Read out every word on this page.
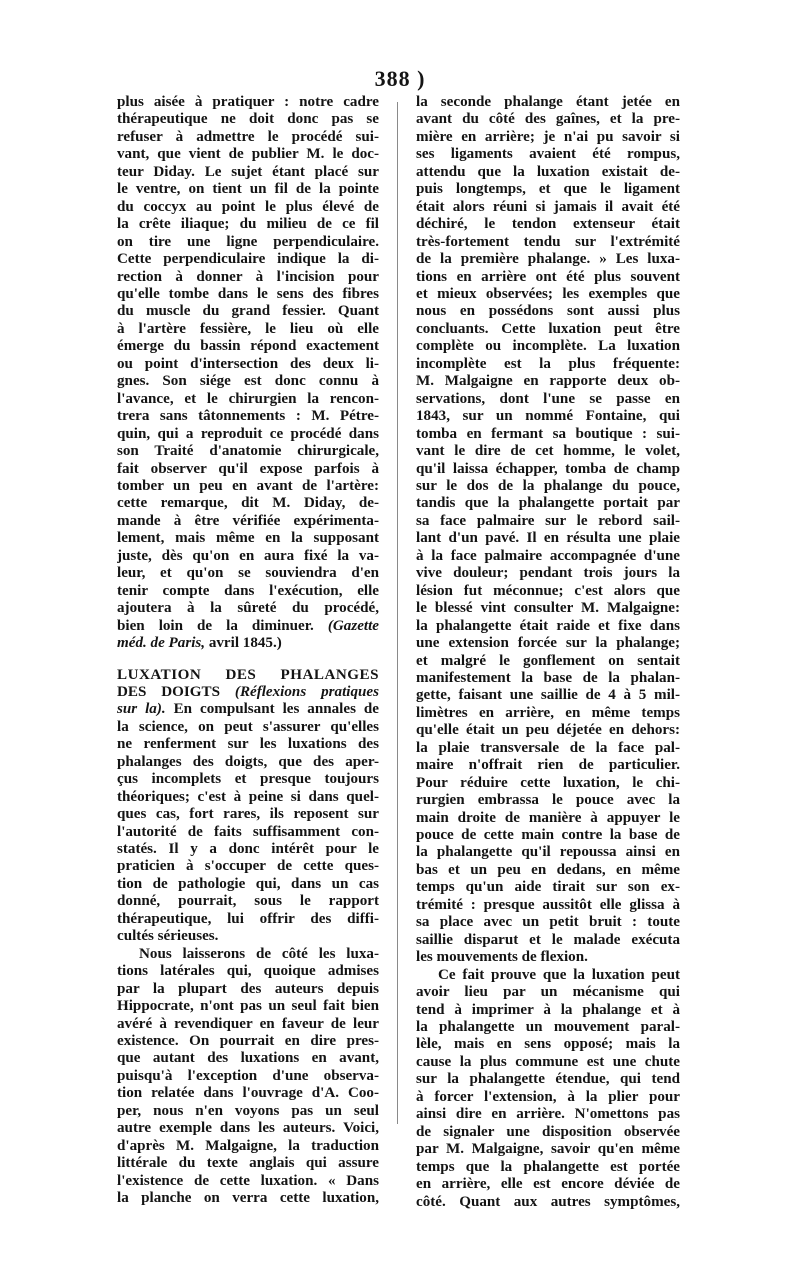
388 )
plus aisée à pratiquer : notre cadre
thérapeutique ne doit donc pas se
refuser à admettre le procédé sui-
vant, que vient de publier M. le doc-
teur Diday. Le sujet étant placé sur
le ventre, on tient un fil de la pointe
du coccyx au point le plus élevé de
la crête iliaque; du milieu de ce fil
on tire une ligne perpendiculaire.
Cette perpendiculaire indique la di-
rection à donner à l'incision pour
qu'elle tombe dans le sens des fibres
du muscle du grand fessier. Quant
à l'artère fessière, le lieu où elle
émerge du bassin répond exactement
ou point d'intersection des deux li-
gnes. Son siége est donc connu à
l'avance, et le chirurgien la rencon-
trera sans tâtonnements : M. Pétre-
quin, qui a reproduit ce procédé dans
son Traité d'anatomie chirurgicale,
fait observer qu'il expose parfois à
tomber un peu en avant de l'artère:
cette remarque, dit M. Diday, de-
mande à être vérifiée expérimenta-
lement, mais même en la supposant
juste, dès qu'on en aura fixé la va-
leur, et qu'on se souviendra d'en
tenir compte dans l'exécution, elle
ajoutera à la sûreté du procédé,
bien loin de la diminuer. (Gazette
méd. de Paris, avril 1845.)
LUXATION DES PHALANGES
DES DOIGTS (Réflexions pratiques
sur la). En compulsant les annales de
la science, on peut s'assurer qu'elles
ne renferment sur les luxations des
phalanges des doigts, que des aper-
çus incomplets et presque toujours
théoriques; c'est à peine si dans quel-
ques cas, fort rares, ils reposent sur
l'autorité de faits suffisamment con-
statés. Il y a donc intérêt pour le
praticien à s'occuper de cette ques-
tion de pathologie qui, dans un cas
donné, pourrait, sous le rapport
thérapeutique, lui offrir des diffi-
cultés sérieuses.
Nous laisserons de côté les luxa-
tions latérales qui, quoique admises
par la plupart des auteurs depuis
Hippocrate, n'ont pas un seul fait bien
avéré à revendiquer en faveur de leur
existence. On pourrait en dire pres-
que autant des luxations en avant,
puisqu'à l'exception d'une observa-
tion relatée dans l'ouvrage d'A. Coo-
per, nous n'en voyons pas un seul
autre exemple dans les auteurs. Voici,
d'après M. Malgaigne, la traduction
littérale du texte anglais qui assure
l'existence de cette luxation. « Dans
la planche on verra cette luxation,
la seconde phalange étant jetée en
avant du côté des gaînes, et la pre-
mière en arrière; je n'ai pu savoir si
ses ligaments avaient été rompus,
attendu que la luxation existait de-
puis longtemps, et que le ligament
était alors réuni si jamais il avait été
déchiré, le tendon extenseur était
très-fortement tendu sur l'extrémité
de la première phalange. » Les luxa-
tions en arrière ont été plus souvent
et mieux observées; les exemples que
nous en possédons sont aussi plus
concluants. Cette luxation peut être
complète ou incomplète. La luxation
incomplète est la plus fréquente:
M. Malgaigne en rapporte deux ob-
servations, dont l'une se passe en
1843, sur un nommé Fontaine, qui
tomba en fermant sa boutique : sui-
vant le dire de cet homme, le volet,
qu'il laissa échapper, tomba de champ
sur le dos de la phalange du pouce,
tandis que la phalangette portait par
sa face palmaire sur le rebord sail-
lant d'un pavé. Il en résulta une plaie
à la face palmaire accompagnée d'une
vive douleur; pendant trois jours la
lésion fut méconnue; c'est alors que
le blessé vint consulter M. Malgaigne:
la phalangette était raide et fixe dans
une extension forcée sur la phalange;
et malgré le gonflement on sentait
manifestement la base de la phalan-
gette, faisant une saillie de 4 à 5 mil-
limètres en arrière, en même temps
qu'elle était un peu déjetée en dehors:
la plaie transversale de la face pal-
maire n'offrait rien de particulier.
Pour réduire cette luxation, le chi-
rurgien embrassa le pouce avec la
main droite de manière à appuyer le
pouce de cette main contre la base de
la phalangette qu'il repoussa ainsi en
bas et un peu en dedans, en même
temps qu'un aide tirait sur son ex-
trémité : presque aussitôt elle glissa à
sa place avec un petit bruit : toute
saillie disparut et le malade exécuta
les mouvements de flexion.
Ce fait prouve que la luxation peut
avoir lieu par un mécanisme qui
tend à imprimer à la phalange et à
la phalangette un mouvement paral-
lèle, mais en sens opposé; mais la
cause la plus commune est une chute
sur la phalangette étendue, qui tend
à forcer l'extension, à la plier pour
ainsi dire en arrière. N'omettons pas
de signaler une disposition observée
par M. Malgaigne, savoir qu'en même
temps que la phalangette est portée
en arrière, elle est encore déviée de
côté. Quant aux autres symptômes,
